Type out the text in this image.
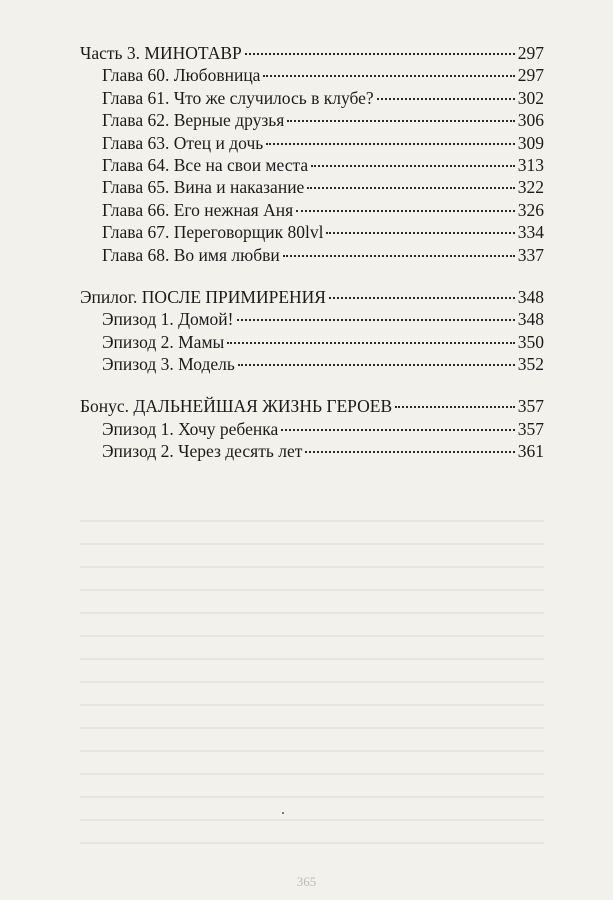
Часть 3. МИНОТАВР	297
Глава 60. Любовница	297
Глава 61. Что же случилось в клубе?	302
Глава 62. Верные друзья	306
Глава 63. Отец и дочь	309
Глава 64. Все на свои места	313
Глава 65. Вина и наказание	322
Глава 66. Его нежная Аня	326
Глава 67. Переговорщик 80lvl	334
Глава 68. Во имя любви	337
Эпилог. ПОСЛЕ ПРИМИРЕНИЯ	348
Эпизод 1. Домой!	348
Эпизод 2. Мамы	350
Эпизод 3. Модель	352
Бонус. ДАЛЬНЕЙШАЯ ЖИЗНЬ ГЕРОЕВ	357
Эпизод 1. Хочу ребенка	357
Эпизод 2. Через десять лет	361
365
